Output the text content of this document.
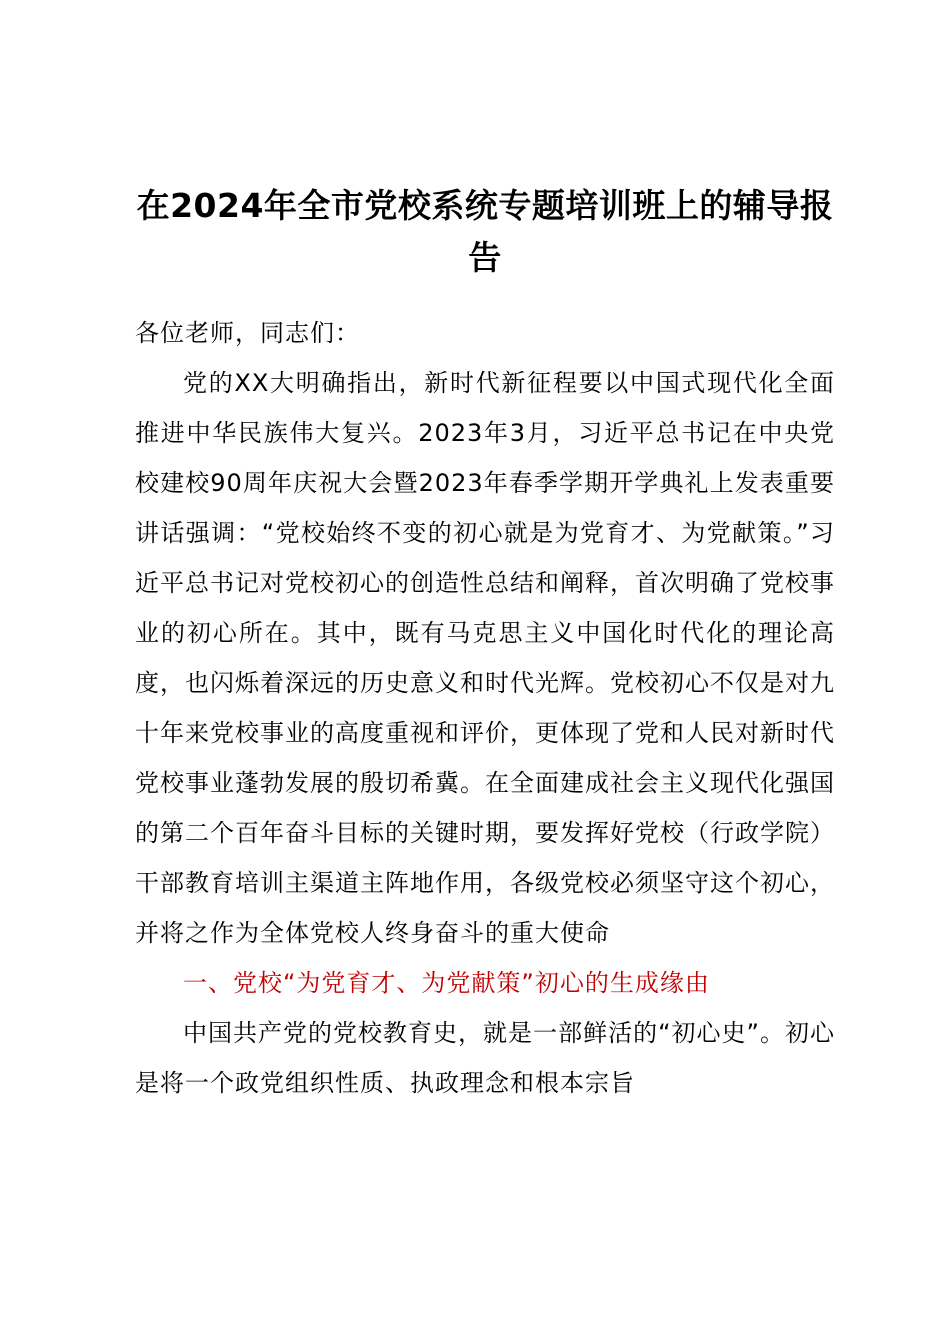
在2024年全市党校系统专题培训班上的辅导报告

各位老师，同志们：

党的XX大明确指出，新时代新征程要以中国式现代化全面推进中华民族伟大复兴。2023年3月，习近平总书记在中央党校建校90周年庆祝大会暨2023年春季学期开学典礼上发表重要讲话强调：“党校始终不变的初心就是为党育才、为党献策。”习近平总书记对党校初心的创造性总结和阐释，首次明确了党校事业的初心所在。其中，既有马克思主义中国化时代化的理论高度，也闪烁着深远的历史意义和时代光辉。党校初心不仅是对九十年来党校事业的高度重视和评价，更体现了党和人民对新时代党校事业蓬勃发展的殷切希冀。在全面建成社会主义现代化强国的第二个百年奋斗目标的关键时期，要发挥好党校（行政学院）干部教育培训主渠道主阵地作用，各级党校必须坚守这个初心，并将之作为全体党校人终身奋斗的重大使命

一、党校“为党育才、为党献策”初心的生成缘由

中国共产党的党校教育史，就是一部鲜活的“初心史”。初心是将一个政党组织性质、执政理念和根本宗旨
